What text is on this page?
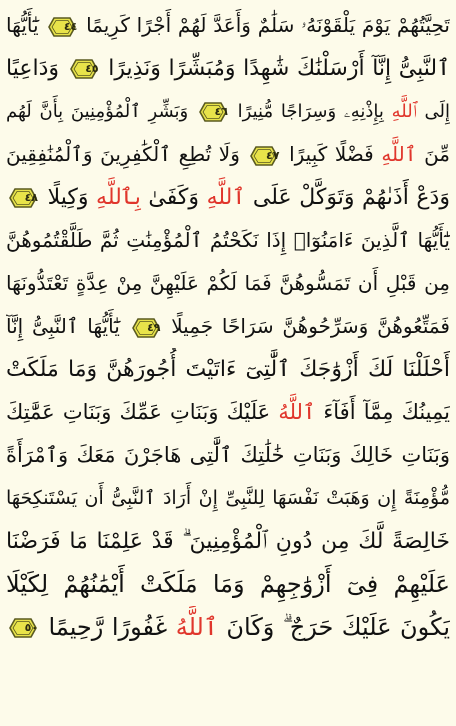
تَحِيَّتُهُمْ يَوْمَ يَلْقَوْنَهُۥ سَلَٰمٌ وَأَعَدَّ لَهُمْ أَجْرًا كَرِيمًا
٤٤
يَٰٓأَيُّهَا
ٱلنَّبِىُّ إِنَّآ أَرْسَلْنَٰكَ شَٰهِدًا وَمُبَشِّرًا وَنَذِيرًا
٤٥
وَدَاعِيًا
إِلَى ٱللَّهِ بِإِذْنِهِۦ وَسِرَاجًا مُّنِيرًا
٤٦
وَبَشِّرِ ٱلْمُؤْمِنِينَ بِأَنَّ لَهُم
مِّنَ ٱللَّهِ فَضْلًا كَبِيرًا
٤٧
وَلَا تُطِعِ ٱلْكَٰفِرِينَ وَٱلْمُنَٰفِقِينَ
وَدَعْ أَذَىٰهُمْ وَتَوَكَّلْ عَلَى ٱللَّهِ وَكَفَىٰ بِٱللَّهِ وَكِيلًا
٤٨
يَٰٓأَيُّهَا ٱلَّذِينَ ءَامَنُوٓا۟ إِذَا نَكَحْتُمُ ٱلْمُؤْمِنَٰتِ ثُمَّ طَلَّقْتُمُوهُنَّ
مِن قَبْلِ أَن تَمَسُّوهُنَّ فَمَا لَكُمْ عَلَيْهِنَّ مِنْ عِدَّةٍ تَعْتَدُّونَهَا
فَمَتِّعُوهُنَّ وَسَرِّحُوهُنَّ سَرَاحًا جَمِيلًا
٤٩
يَٰٓأَيُّهَا ٱلنَّبِىُّ إِنَّآ
أَحْلَلْنَا لَكَ أَزْوَٰجَكَ ٱلَّٰتِىٓ ءَاتَيْتَ أُجُورَهُنَّ وَمَا مَلَكَتْ
يَمِينُكَ مِمَّآ أَفَآءَ ٱللَّهُ عَلَيْكَ وَبَنَاتِ عَمِّكَ وَبَنَاتِ عَمَّٰتِكَ
وَبَنَاتِ خَالِكَ وَبَنَاتِ خَٰلَٰتِكَ ٱلَّٰتِى هَاجَرْنَ مَعَكَ وَٱمْرَأَةً
مُّؤْمِنَةً إِن وَهَبَتْ نَفْسَهَا لِلنَّبِىِّ إِنْ أَرَادَ ٱلنَّبِىُّ أَن يَسْتَنكِحَهَا
خَالِصَةً لَّكَ مِن دُونِ ٱلْمُؤْمِنِينَ ۗ قَدْ عَلِمْنَا مَا فَرَضْنَا
عَلَيْهِمْ فِىٓ أَزْوَٰجِهِمْ وَمَا مَلَكَتْ أَيْمَٰنُهُمْ لِكَيْلَا
يَكُونَ عَلَيْكَ حَرَجٌ ۗ وَكَانَ ٱللَّهُ غَفُورًا رَّحِيمًا
٥٠
